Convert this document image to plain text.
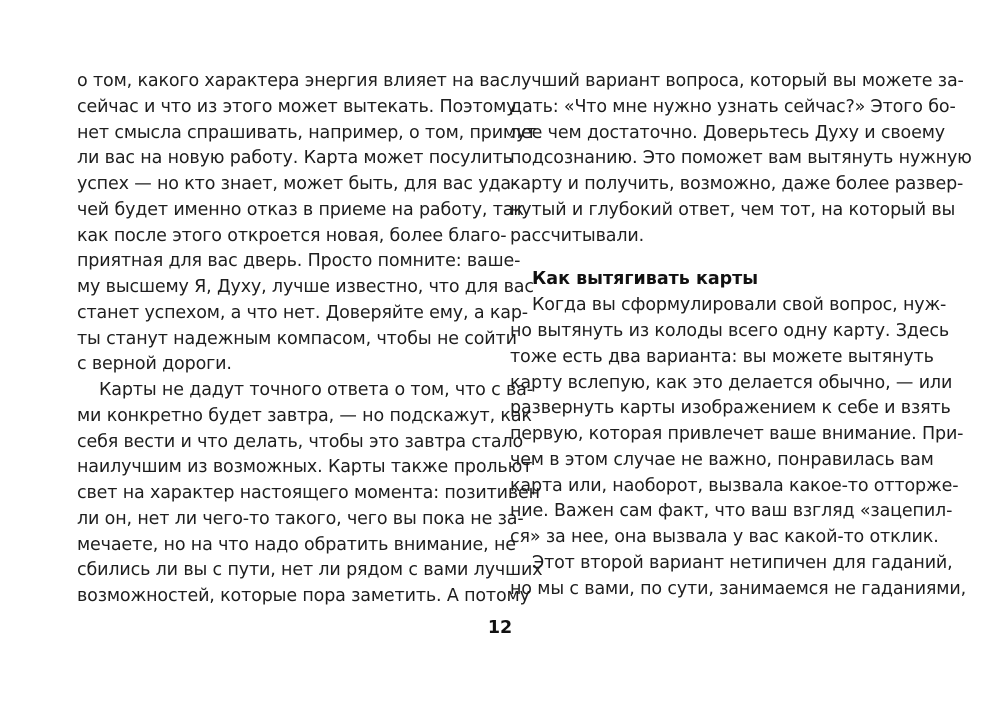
о том, какого характера энергия влияет на вас
сейчас и что из этого может вытекать. Поэтому
нет смысла спрашивать, например, о том, примут
ли вас на новую работу. Карта может посулить
успех — но кто знает, может быть, для вас уда-
чей будет именно отказ в приеме на работу, так
как после этого откроется новая, более благо-
приятная для вас дверь. Просто помните: ваше-
му высшему Я, Духу, лучше известно, что для вас
станет успехом, а что нет. Доверяйте ему, а кар-
ты станут надежным компасом, чтобы не сойти
с верной дороги.
Карты не дадут точного ответа о том, что с ва-
ми конкретно будет завтра, — но подскажут, как
себя вести и что делать, чтобы это завтра стало
наилучшим из возможных. Карты также прольют
свет на характер настоящего момента: позитивен
ли он, нет ли чего-то такого, чего вы пока не за-
мечаете, но на что надо обратить внимание, не
сбились ли вы с пути, нет ли рядом с вами лучших
возможностей, которые пора заметить. А потому
лучший вариант вопроса, который вы можете за-
дать: «Что мне нужно узнать сейчас?» Этого бо-
лее чем достаточно. Доверьтесь Духу и своему
подсознанию. Это поможет вам вытянуть нужную
карту и получить, возможно, даже более развер-
нутый и глубокий ответ, чем тот, на который вы
рассчитывали.
Как вытягивать карты
Когда вы сформулировали свой вопрос, нуж-
но вытянуть из колоды всего одну карту. Здесь
тоже есть два варианта: вы можете вытянуть
карту вслепую, как это делается обычно, — или
развернуть карты изображением к себе и взять
первую, которая привлечет ваше внимание. При-
чем в этом случае не важно, понравилась вам
карта или, наоборот, вызвала какое-то отторже-
ние. Важен сам факт, что ваш взгляд «зацепил-
ся» за нее, она вызвала у вас какой-то отклик.
Этот второй вариант нетипичен для гаданий,
но мы с вами, по сути, занимаемся не гаданиями,
12
